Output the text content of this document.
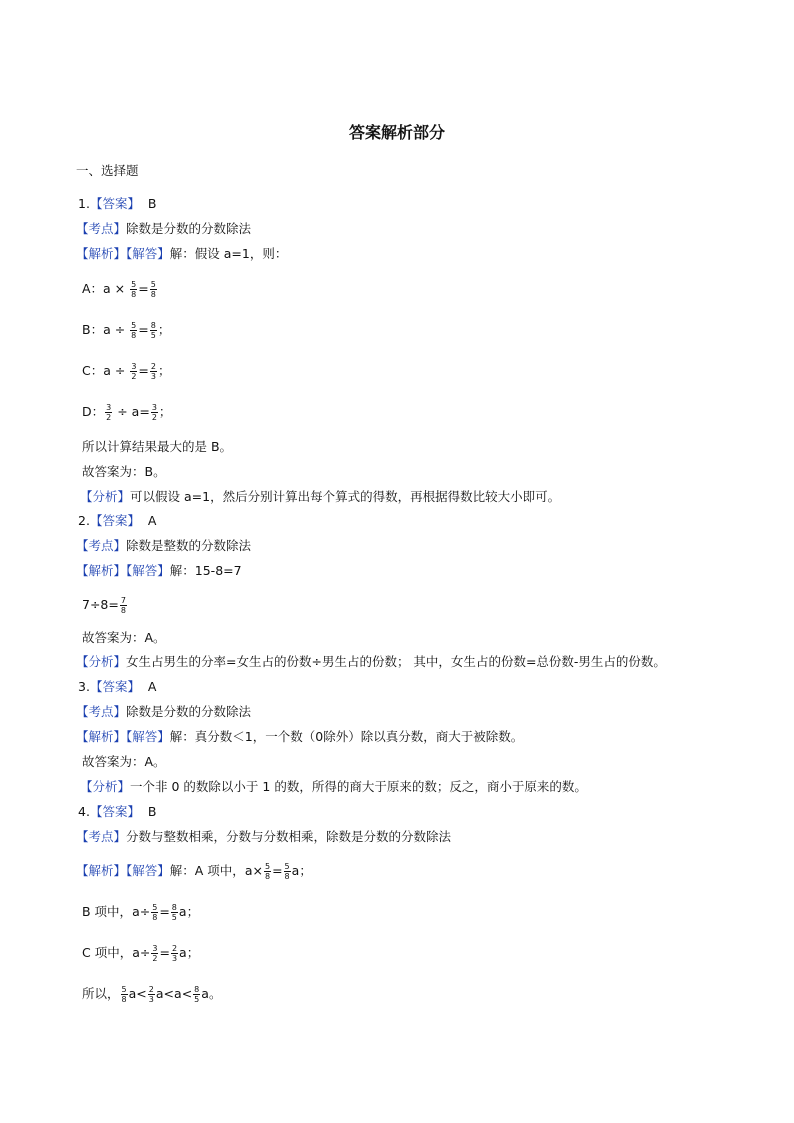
答案解析部分
一、选择题
1.【答案】 B
【考点】除数是分数的分数除法
【解析】【解答】解：假设 a=1，则：
A：$a \times \frac{5}{8} = \frac{5}{8}$
B：$a \div \frac{5}{8} = \frac{8}{5}$ ；
C：$a \div \frac{3}{2} = \frac{2}{3}$ ；
D： $\frac{3}{2} \div a= \frac{3}{2}$ ；
所以计算结果最大的是 B。
故答案为：B。
【分析】可以假设 a=1，然后分别计算出每个算式的得数，再根据得数比较大小即可。
2.【答案】 A
【考点】除数是整数的分数除法
【解析】【解答】解：15-8=7
$7\div 8= \frac{7}{8}$
故答案为：A。
【分析】女生占男生的分率=女生占的份数÷男生占的份数； 其中，女生占的份数=总份数-男生占的份数。
3.【答案】 A
【考点】除数是分数的分数除法
【解析】【解答】解：真分数＜1，一个数（0除外）除以真分数，商大于被除数。
故答案为：A。
【分析】一个非 0 的数除以小于 1 的数，所得的商大于原来的数；反之，商小于原来的数。
4.【答案】 B
【考点】分数与整数相乘，分数与分数相乘，除数是分数的分数除法
【解析】【解答】解：A 项中，$a\times \frac{5}{8} = \frac{5}{8}$ a；
B 项中，$a\div \frac{5}{8} = \frac{8}{5}$ a；
C 项中，$a\div \frac{3}{2} = \frac{2}{3}$ a；
所以， $\frac{5}{8} a< \frac{2}{3} a<a< \frac{8}{5}$ a。
